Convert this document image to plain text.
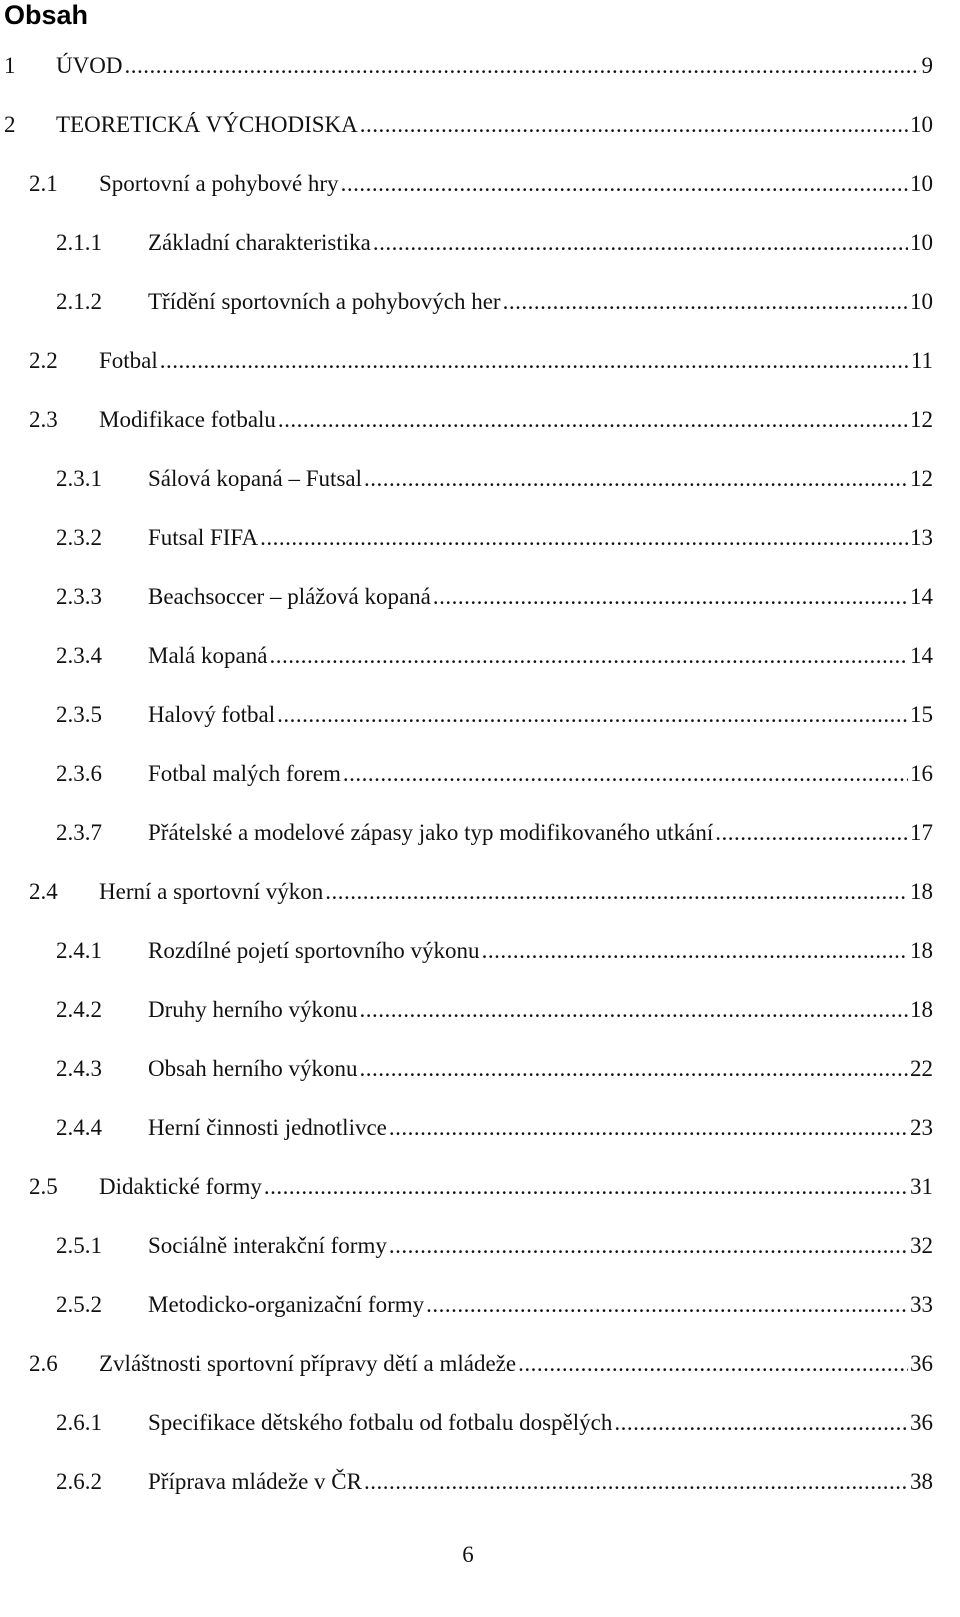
Obsah
1	ÚVOD .....	9
2	TEORETICKÁ VÝCHODISKA .....	10
2.1	Sportovní a pohybové hry .....	10
2.1.1	Základní charakteristika .....	10
2.1.2	Třídění sportovních a pohybových her .....	10
2.2	Fotbal .....	11
2.3	Modifikace fotbalu .....	12
2.3.1	Sálová kopaná – Futsal .....	12
2.3.2	Futsal FIFA .....	13
2.3.3	Beachsoccer – plážová kopaná .....	14
2.3.4	Malá kopaná .....	14
2.3.5	Halový fotbal .....	15
2.3.6	Fotbal malých forem .....	16
2.3.7	Přátelské a modelové zápasy jako typ modifikovaného utkání .....	17
2.4	Herní a sportovní výkon .....	18
2.4.1	Rozdílné pojetí sportovního výkonu .....	18
2.4.2	Druhy herního výkonu .....	18
2.4.3	Obsah herního výkonu .....	22
2.4.4	Herní činnosti jednotlivce .....	23
2.5	Didaktické formy .....	31
2.5.1	Sociálně interakční formy .....	32
2.5.2	Metodicko-organizační formy .....	33
2.6	Zvláštnosti sportovní přípravy dětí a mládeže .....	36
2.6.1	Specifikace dětského fotbalu od fotbalu dospělých .....	36
2.6.2	Příprava mládeže v ČR .....	38
6
